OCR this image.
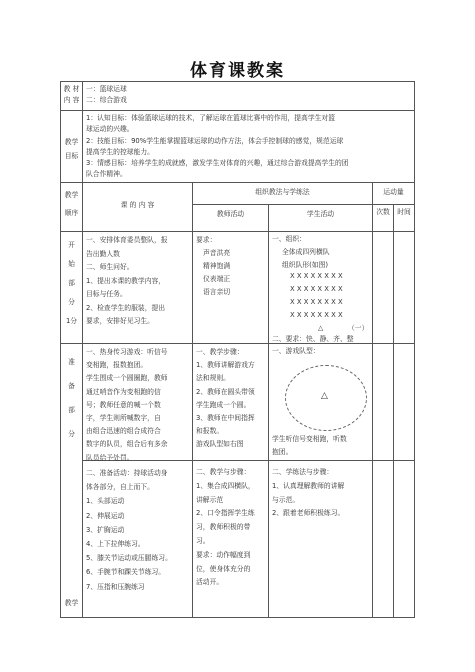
体育课教案
教 材
内 容
一：篮球运球
二：综合游戏
教学
目标
1：认知目标：体验篮球运球的技术，了解运球在篮球比赛中的作用，提高学生对篮
球运动的兴趣。
2：技能目标：90%学生能掌握篮球运球的动作方法，体会手控制球的感觉，规范运球
提高学生的控球能力。
3：情感目标：培养学生的成就感，激发学生对体育的兴趣，通过综合游戏提高学生的团
队合作精神。
教学
顺序
课 的 内 容
组织教法与学练法
教师活动	学生活动
运动量
次数 时间
开
始
部
分
1分
一、安排体育委员整队，报
告出勤人数
二、师生问好。
1、提出本课的教学内容，
目标与任务。
2、检查学生的服装，提出
要求，安排好见习生。
要求：
声音洪亮
精神饱满
仪表端正
语言亲切
一、组织：
全体成四列横队
组织队形(如图)
XXXXXXXX
XXXXXXXX
XXXXXXXX
XXXXXXXX
△	（一）
二、要求：快、静、齐、整
准
备
部
分
一、热身传习游戏：听信号
变相跑，报数抱团。
学生围成一个圆圈跑，教师
通过哨音作为变相跑的信
号；教师任意的喊一个数
字，学生则所喊数字，自
由组合迅速的组合成符合
数字的队员，组合后有多余
队员给予处罚。
一、教学步骤：
1、教师讲解游戏方
法和规则。
2、教师在圆头带领
学生跑成一个圆。
3、教师在中间指挥
和报数。
游戏队型如右图
一、游戏队型：
△
学生听信号变相跑，听数
抱团。
二、准备活动：持球活动身
体各部分，自上而下。
1、头部运动
2、伸展运动
3、扩胸运动
4、上下拉伸练习。
5、膝关节运动或压腿练习。
6、手腕节和踝关节练习。
7、压指和压腕练习
二、教学与步骤：
1、集合成四横队，
讲解示范
2、口令指挥学生练
习，教师积极的带
习。
要求：动作幅度到
位，使身体充分的
活动开。
二、学练法与步骤：
1、认真理解教师的讲解
与示范。
2、跟着老师积极练习。
教学
